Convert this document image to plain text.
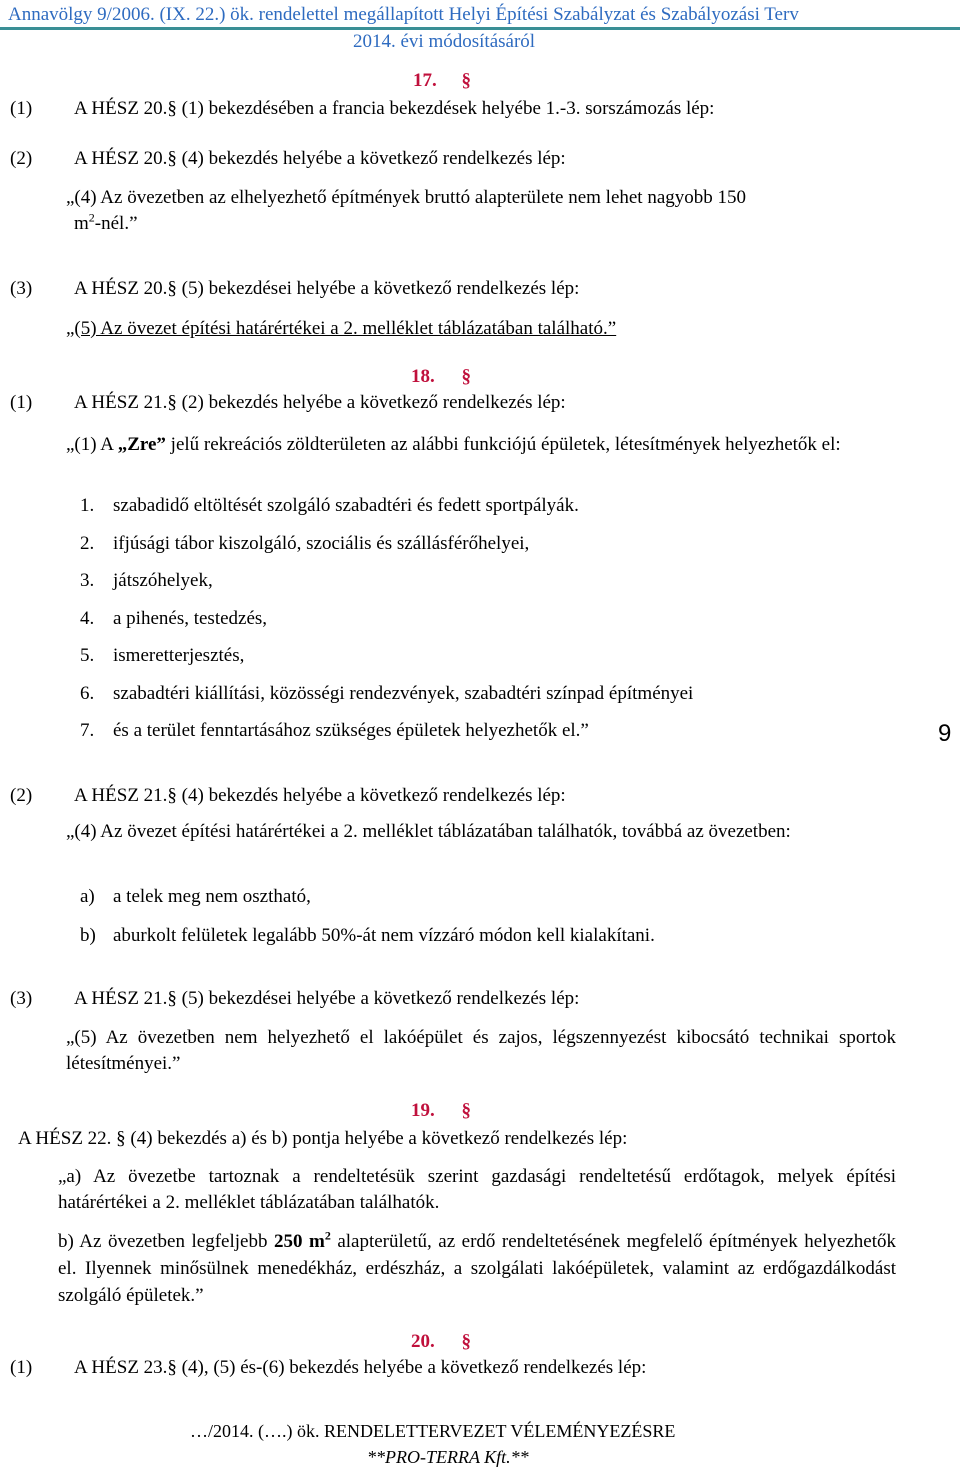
Annavölgy 9/2006. (IX. 22.) ök. rendelettel megállapított Helyi Építési Szabályzat és Szabályozási Terv
2014. évi módosításáról
9
17. §
(1) A HÉSZ 20.§ (1) bekezdésében a francia bekezdések helyébe 1.-3. sorszámozás lép:
(2) A HÉSZ 20.§ (4) bekezdés helyébe a következő rendelkezés lép:
„(4) Az övezetben az elhelyezhető építmények bruttó alapterülete nem lehet nagyobb 150
$m^2$-nél.”
(3) A HÉSZ 20.§ (5) bekezdései helyébe a következő rendelkezés lép:
„(5) Az övezet építési határértékei a 2. melléklet táblázatában található.”
18. §
(1) A HÉSZ 21.§ (2) bekezdés helyébe a következő rendelkezés lép:
„(1) A „Zre” jelű rekreációs zöldterületen az alábbi funkciójú épületek, létesítmények helyezhetők el:
1. szabadidő eltöltését szolgáló szabadtéri és fedett sportpályák.
2. ifjúsági tábor kiszolgáló, szociális és szállásférőhelyei,
3. játszóhelyek,
4. a pihenés, testedzés,
5. ismeretterjesztés,
6. szabadtéri kiállítási, közösségi rendezvények, szabadtéri színpad építményei
7. és a terület fenntartásához szükséges épületek helyezhetők el.”
(2) A HÉSZ 21.§ (4) bekezdés helyébe a következő rendelkezés lép:
„(4) Az övezet építési határértékei a 2. melléklet táblázatában találhatók, továbbá az övezetben:
a) a telek meg nem osztható,
b) aburkolt felületek legalább 50%-át nem vízzáró módon kell kialakítani.
(3) A HÉSZ 21.§ (5) bekezdései helyébe a következő rendelkezés lép:
„(5) Az övezetben nem helyezhető el lakóépület és zajos, légszennyezést kibocsátó technikai sportok létesítményei.”
19. §
A HÉSZ 22. § (4) bekezdés a) és b) pontja helyébe a következő rendelkezés lép:
„a) Az övezetbe tartoznak a rendeltetésük szerint gazdasági rendeltetésű erdőtagok, melyek építési határértékei a 2. melléklet táblázatában találhatók.
b) Az övezetben legfeljebb 250 $m^2$ alapterületű, az erdő rendeltetésének megfelelő építmények helyezhetők el. Ilyennek minősülnek menedékház, erdészház, a szolgálati lakóépületek, valamint az erdőgazdálkodást szolgáló épületek.”
20. §
(1) A HÉSZ 23.§ (4), (5) és-(6) bekezdés helyébe a következő rendelkezés lép:
…/2014. (….) ök. RENDELETTERVEZET VÉLEMÉNYEZÉSRE
**PRO-TERRA Kft.**
